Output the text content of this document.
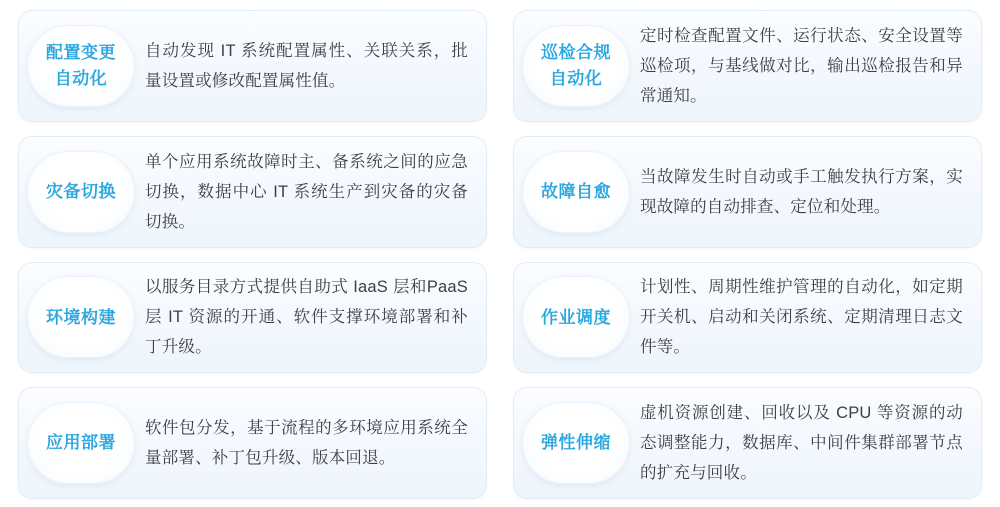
配置变更
自动化
自动发现 IT 系统配置属性、关联关系，批量设置或修改配置属性值。
灾备切换
单个应用系统故障时主、备系统之间的应急切换，数据中心 IT 系统生产到灾备的灾备切换。
环境构建
以服务目录方式提供自助式 IaaS 层和PaaS 层 IT 资源的开通、软件支撑环境部署和补丁升级。
应用部署
软件包分发，基于流程的多环境应用系统全量部署、补丁包升级、版本回退。
巡检合规
自动化
定时检查配置文件、运行状态、安全设置等巡检项，与基线做对比，输出巡检报告和异常通知。
故障自愈
当故障发生时自动或手工触发执行方案，实现故障的自动排查、定位和处理。
作业调度
计划性、周期性维护管理的自动化，如定期开关机、启动和关闭系统、定期清理日志文件等。
弹性伸缩
虚机资源创建、回收以及 CPU 等资源的动态调整能力，数据库、中间件集群部署节点的扩充与回收。
